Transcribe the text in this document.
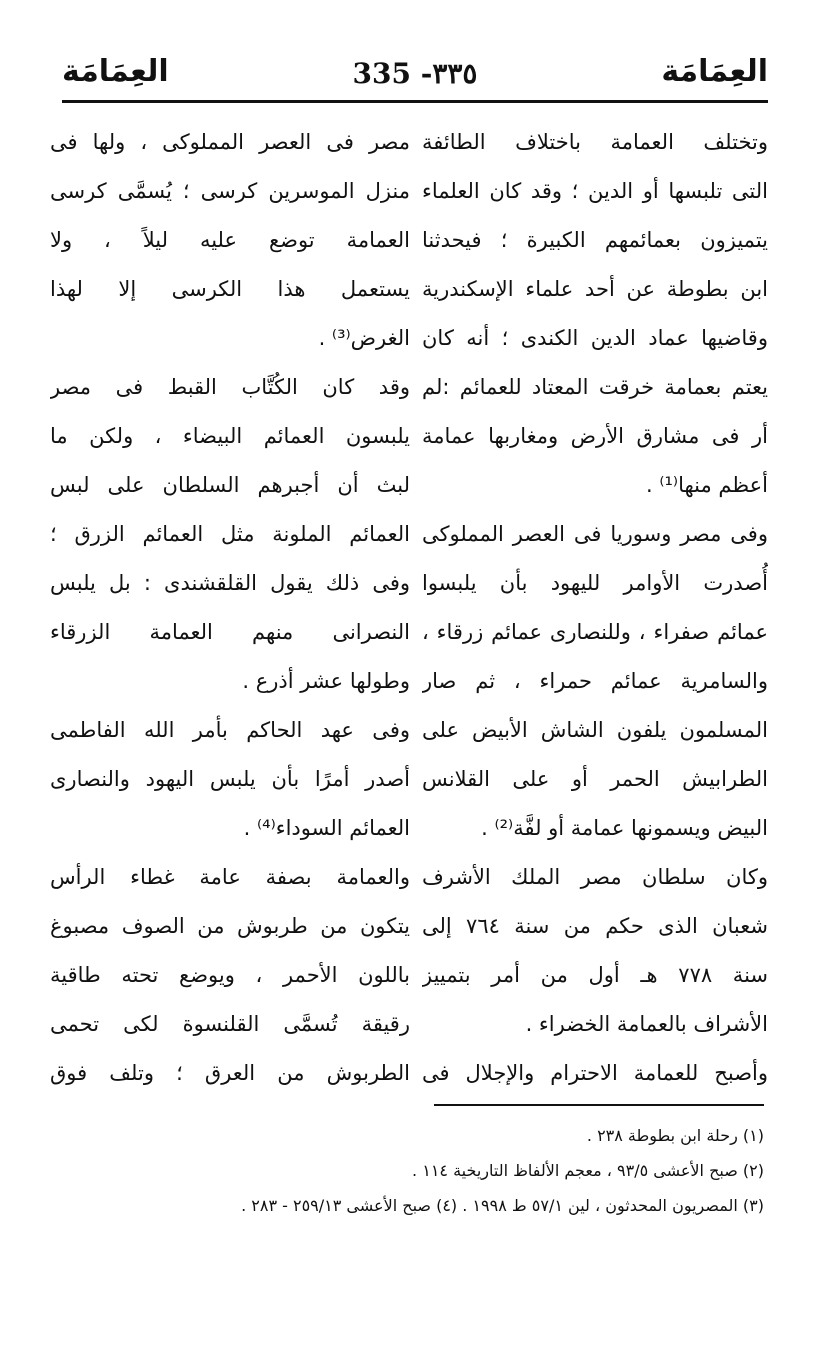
العِمَامَة
335 -٣٣٥
العِمَامَة
وتختلف العمامة باختلاف الطائفة
التى تلبسها أو الدين ؛ وقد كان العلماء
يتميزون بعمائمهم الكبيرة ؛ فيحدثنا
ابن بطوطة عن أحد علماء الإسكندرية
وقاضيها عماد الدين الكندى ؛ أنه كان
يعتم بعمامة خرقت المعتاد للعمائم :لم
أر فى مشارق الأرض ومغاربها عمامة
أعظم منها⁽¹⁾ .
وفى مصر وسوريا فى العصر المملوكى
أُصدرت الأوامر لليهود بأن يلبسوا
عمائم صفراء ، وللنصارى عمائم زرقاء ،
والسامرية عمائم حمراء ، ثم صار
المسلمون يلفون الشاش الأبيض على
الطرابيش الحمر أو على القلانس
البيض ويسمونها عمامة أو لفَّة⁽²⁾ .
وكان سلطان مصر الملك الأشرف
شعبان الذى حكم من سنة ٧٦٤ إلى
سنة ٧٧٨ هـ أول من أمر بتمييز
الأشراف بالعمامة الخضراء .
وأصبح للعمامة الاحترام والإجلال فى
مصر فى العصر المملوكى ، ولها فى
منزل الموسرين كرسى ؛ يُسمَّى كرسى
العمامة توضع عليه ليلاً ، ولا
يستعمل هذا الكرسى إلا لهذا
الغرض⁽³⁾ .
وقد كان الكُتَّاب القبط فى مصر
يلبسون العمائم البيضاء ، ولكن ما
لبث أن أجبرهم السلطان على لبس
العمائم الملونة مثل العمائم الزرق ؛
وفى ذلك يقول القلقشندى : بل يلبس
النصرانى منهم العمامة الزرقاء
وطولها عشر أذرع .
وفى عهد الحاكم بأمر الله الفاطمى
أصدر أمرًا بأن يلبس اليهود والنصارى
العمائم السوداء⁽⁴⁾ .
والعمامة بصفة عامة غطاء الرأس
يتكون من طربوش من الصوف مصبوغ
باللون الأحمر ، ويوضع تحته طاقية
رقيقة تُسمَّى القلنسوة لكى تحمى
الطربوش من العرق ؛ وتلف فوق
(١) رحلة ابن بطوطة ٢٣٨ .
(٢) صبح الأعشى ٩٣/٥ ، معجم الألفاظ التاريخية ١١٤ .
(٣) المصريون المحدثون ، لين ٥٧/١ ط ١٩٩٨ . (٤) صبح الأعشى ٢٥٩/١٣ - ٢٨٣ .
